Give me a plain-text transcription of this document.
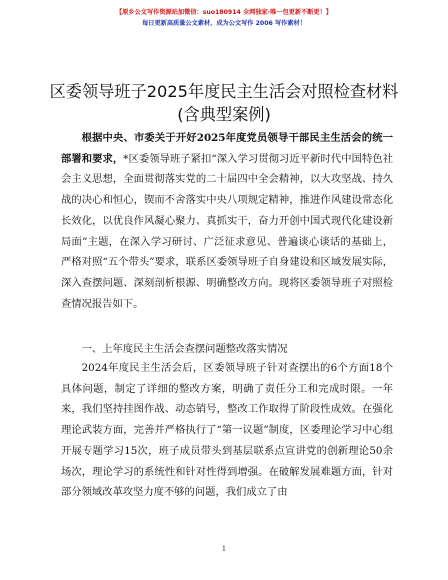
【原乡公文写作资源站加微信：suo180914 全网独家·唯一包更新不断更！】
每日更新高质量公文素材，成为公文写作 2006 写作素材！
区委领导班子2025年度民主生活会对照检查材料(含典型案例)

根据中央、市委关于开好2025年度党员领导干部民主生活会的统一部署和要求，*区委领导班子紧扣“深入学习贯彻习近平新时代中国特色社会主义思想，全面贯彻落实党的二十届四中全会精神，以大攻坚战、持久战的决心和恒心，锲而不舍落实中央八项规定精神，推进作风建设常态化长效化，以优良作风凝心聚力、真抓实干，奋力开创中国式现代化建设新局面”主题，在深入学习研讨、广泛征求意见、普遍谈心谈话的基础上，严格对照“五个带头”要求，联系区委领导班子自身建设和区域发展实际，深入查摆问题、深刻剖析根源、明确整改方向。现将区委领导班子对照检查情况报告如下。

一、上年度民主生活会查摆问题整改落实情况

2024年度民主生活会后，区委领导班子针对查摆出的6个方面18个具体问题，制定了详细的整改方案，明确了责任分工和完成时限。一年来，我们坚持挂图作战、动态销号，整改工作取得了阶段性成效。在强化理论武装方面，完善并严格执行了“第一议题”制度，区委理论学习中心组开展专题学习15次，班子成员带头到基层联系点宣讲党的创新理论50余场次，理论学习的系统性和针对性得到增强。在破解发展难题方面，针对部分领域改革攻坚力度不够的问题，我们成立了由

1
